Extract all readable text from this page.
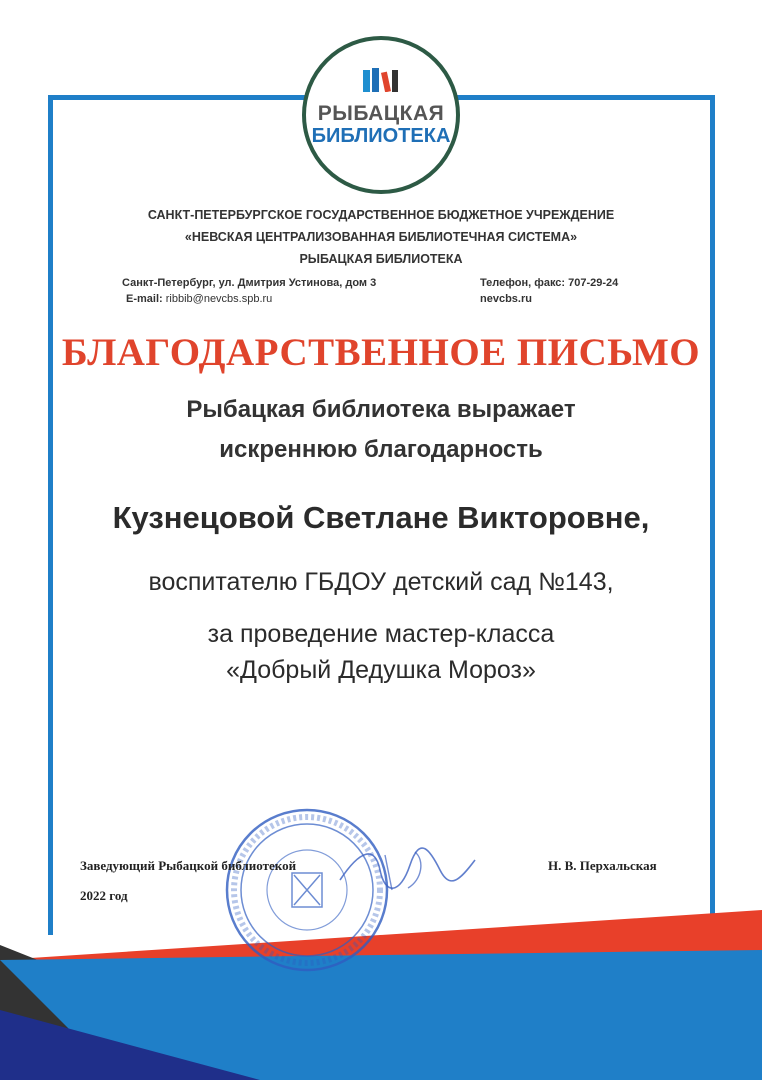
РЫБАЦКАЯ
БИБЛИОТЕКА
САНКТ-ПЕТЕРБУРГСКОЕ ГОСУДАРСТВЕННОЕ БЮДЖЕТНОЕ УЧРЕЖДЕНИЕ
«НЕВСКАЯ ЦЕНТРАЛИЗОВАННАЯ БИБЛИОТЕЧНАЯ СИСТЕМА»
РЫБАЦКАЯ БИБЛИОТЕКА
Санкт-Петербург, ул. Дмитрия Устинова, дом 3	Телефон, факс: 707-29-24
E-mail: ribbib@nevcbs.spb.ru	nevcbs.ru
БЛАГОДАРСТВЕННОЕ ПИСЬМО
Рыбацкая библиотека выражает
искреннюю благодарность
Кузнецовой Светлане Викторовне,
воспитателю ГБДОУ детский сад №143,
за проведение мастер-класса
«Добрый Дедушка Мороз»
Заведующий Рыбацкой библиотекой	Н. В. Перхальская
2022 год
